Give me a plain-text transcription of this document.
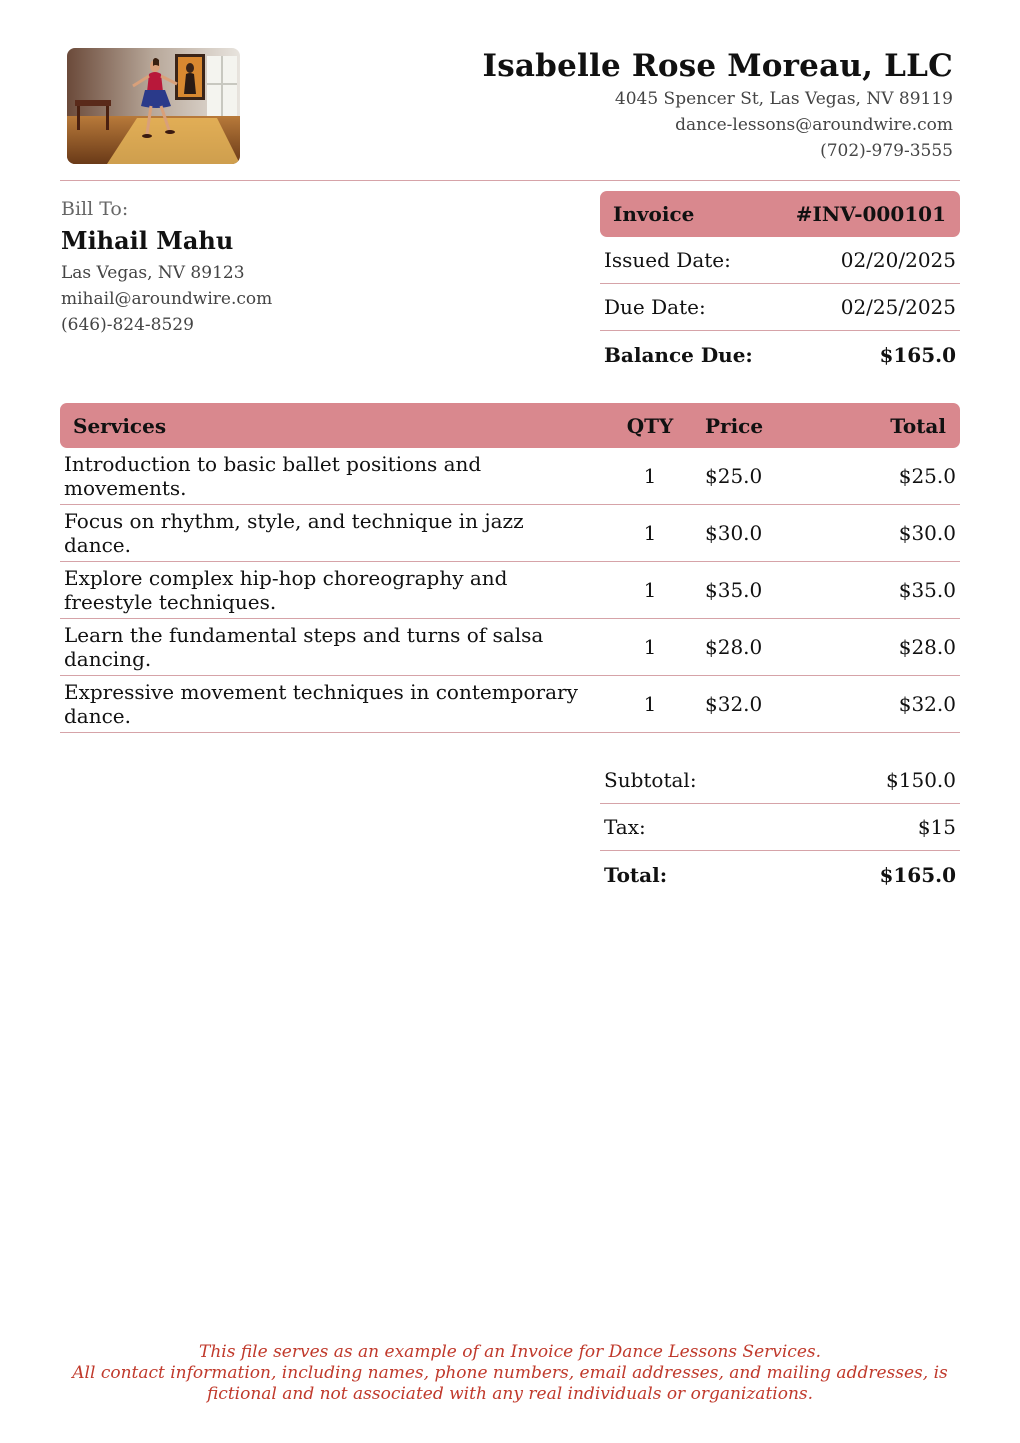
Isabelle Rose Moreau, LLC
4045 Spencer St, Las Vegas, NV 89119
dance-lessons@aroundwire.com
(702)-979-3555
Bill To:
Mihail Mahu
Las Vegas, NV 89123
mihail@aroundwire.com
(646)-824-8529
Invoice	#INV-000101
Issued Date:	02/20/2025
Due Date:	02/25/2025
Balance Due:	$165.0
Services	QTY	Price	Total
Introduction to basic ballet positions and movements.	1	$25.0	$25.0
Focus on rhythm, style, and technique in jazz dance.	1	$30.0	$30.0
Explore complex hip-hop choreography and freestyle techniques.	1	$35.0	$35.0
Learn the fundamental steps and turns of salsa dancing.	1	$28.0	$28.0
Expressive movement techniques in contemporary dance.	1	$32.0	$32.0
Subtotal:	$150.0
Tax:	$15
Total:	$165.0
This file serves as an example of an Invoice for Dance Lessons Services.
All contact information, including names, phone numbers, email addresses, and mailing addresses, is
fictional and not associated with any real individuals or organizations.
